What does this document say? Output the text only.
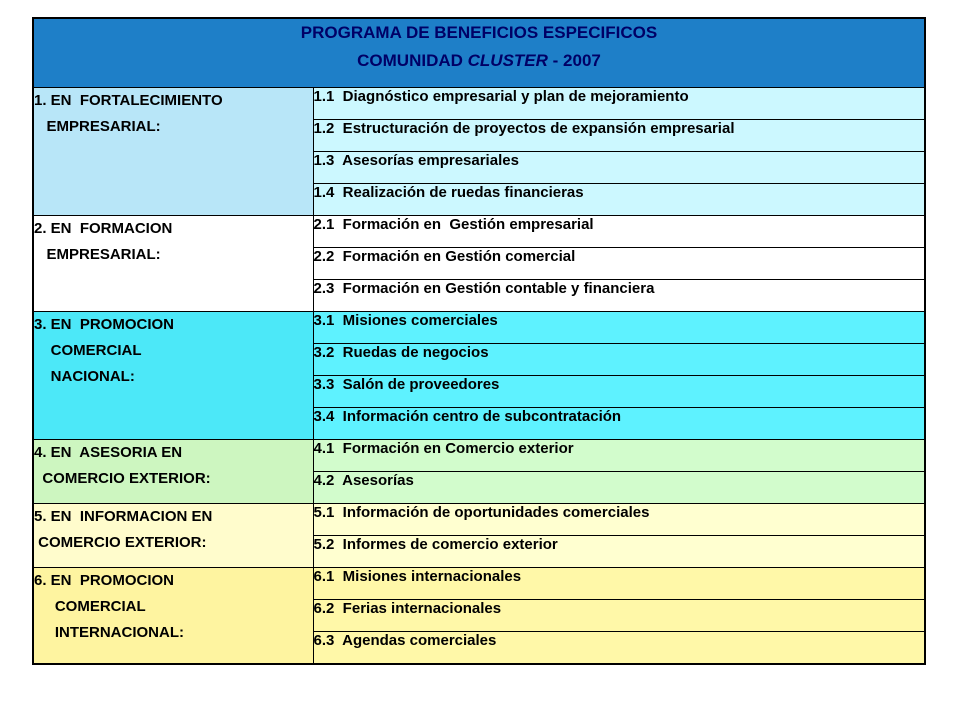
PROGRAMA DE BENEFICIOS ESPECIFICOS
COMUNIDAD CLUSTER - 2007	

1. EN  FORTALECIMIENTO
EMPRESARIAL:	1.1  Diagnóstico empresarial y plan de mejoramiento
	1.2  Estructuración de proyectos de expansión empresarial
	1.3  Asesorías empresariales
	1.4  Realización de ruedas financieras

2. EN  FORMACION
EMPRESARIAL:	2.1  Formación en  Gestión empresarial
	2.2  Formación en Gestión comercial
	2.3  Formación en Gestión contable y financiera

3. EN  PROMOCION
COMERCIAL
NACIONAL:	3.1  Misiones comerciales
	3.2  Ruedas de negocios
	3.3  Salón de proveedores
	3.4  Información centro de subcontratación

4. EN  ASESORIA EN
COMERCIO EXTERIOR:	4.1  Formación en Comercio exterior
	4.2  Asesorías

5. EN  INFORMACION EN
COMERCIO EXTERIOR:	5.1  Información de oportunidades comerciales
	5.2  Informes de comercio exterior

6. EN  PROMOCION
COMERCIAL
INTERNACIONAL:	6.1  Misiones internacionales
	6.2  Ferias internacionales
	6.3  Agendas comerciales
